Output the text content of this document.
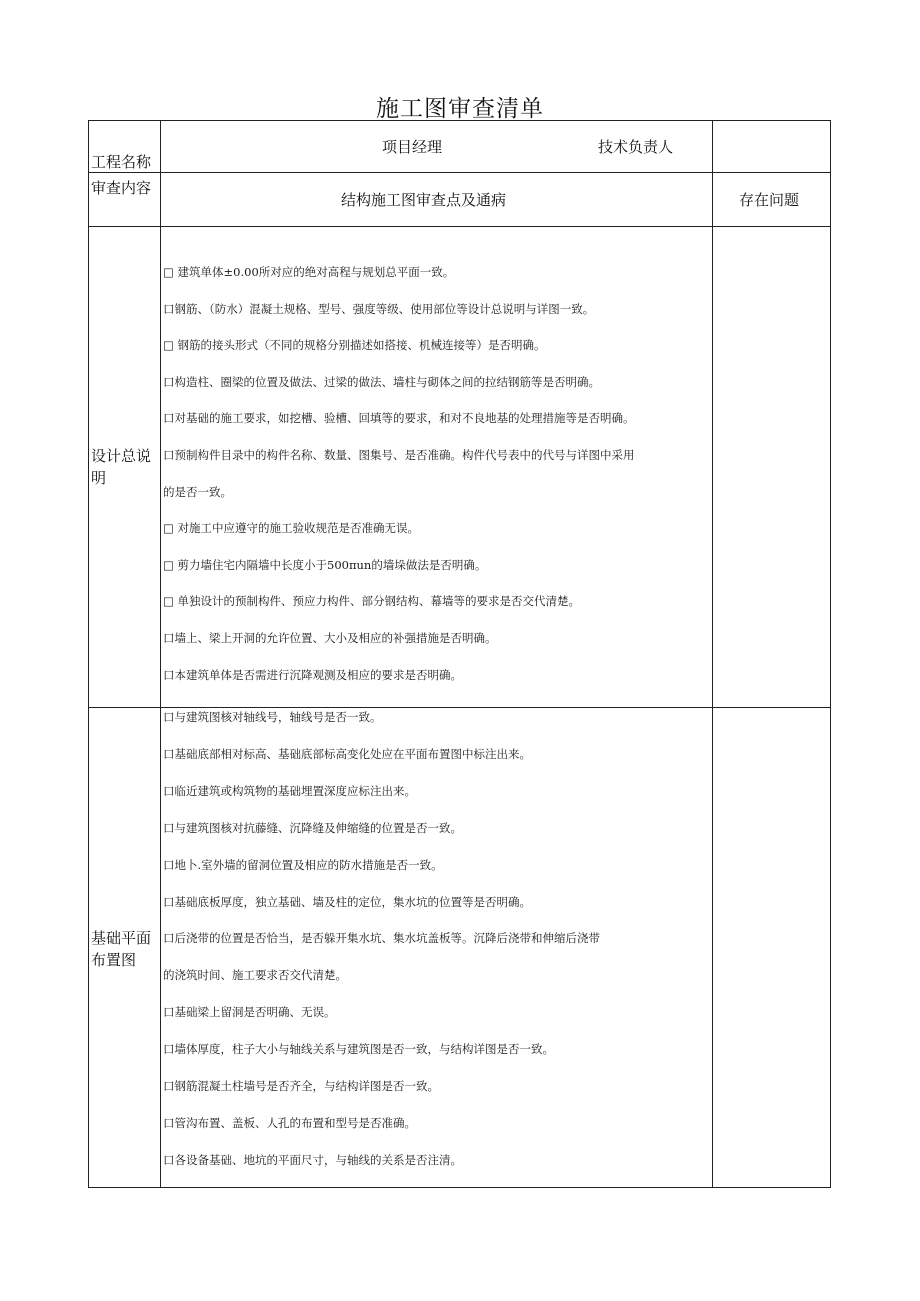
施工图审查清单
工程名称
项目经理	技术负责人
审查内容
结构施工图审查点及通病	存在问题
设计总说
明
□ 建筑单体±0.00所对应的绝对高程与规划总平面一致。
口钢筋、（防水）混凝土规格、型号、强度等级、使用部位等设计总说明与详图一致。
□ 钢筋的接头形式（不同的规格分别描述如搭接、机械连接等）是否明确。
口构造柱、圈梁的位置及做法、过梁的做法、墙柱与砌体之间的拉结钢筋等是否明确。
口对基础的施工要求，如挖槽、验槽、回填等的要求，和对不良地基的处理措施等是否明确。
口预制构件目录中的构件名称、数量、图集号、是否准确。构件代号表中的代号与详图中采用
的是否一致。
□ 对施工中应遵守的施工验收规范是否准确无误。
□ 剪力墙住宅内隔墙中长度小于500πun的墙垛做法是否明确。
□ 单独设计的预制构件、预应力构件、部分钢结构、幕墙等的要求是否交代清楚。
口墙上、梁上开洞的允许位置、大小及相应的补强措施是否明确。
口本建筑单体是否需进行沉降观测及相应的要求是否明确。
基础平面
布置图
口与建筑图核对轴线号，轴线号是否一致。
口基础底部相对标高、基础底部标高变化处应在平面布置图中标注出来。
口临近建筑或构筑物的基础埋置深度应标注出来。
口与建筑图核对抗藤缝、沉降缝及伸缩缝的位置是否一致。
口地卜.室外墙的留洞位置及相应的防水措施是否一致。
口基础底板厚度，独立基础、墙及柱的定位，集水坑的位置等是否明确。
口后浇带的位置是否恰当，是否躲开集水坑、集水坑盖板等。沉降后浇带和伸缩后浇带
的浇筑时间、施工要求否交代清楚。
口基础梁上留洞是否明确、无误。
口墙体厚度，柱子大小与轴线关系与建筑图是否一致，与结构详图是否一致。
口钢筋混凝土柱墙号是否齐全，与结构详图是否一致。
口管沟布置、盖板、人孔的布置和型号是否准确。
口各设备基础、地坑的平面尺寸，与轴线的关系是否注清。
